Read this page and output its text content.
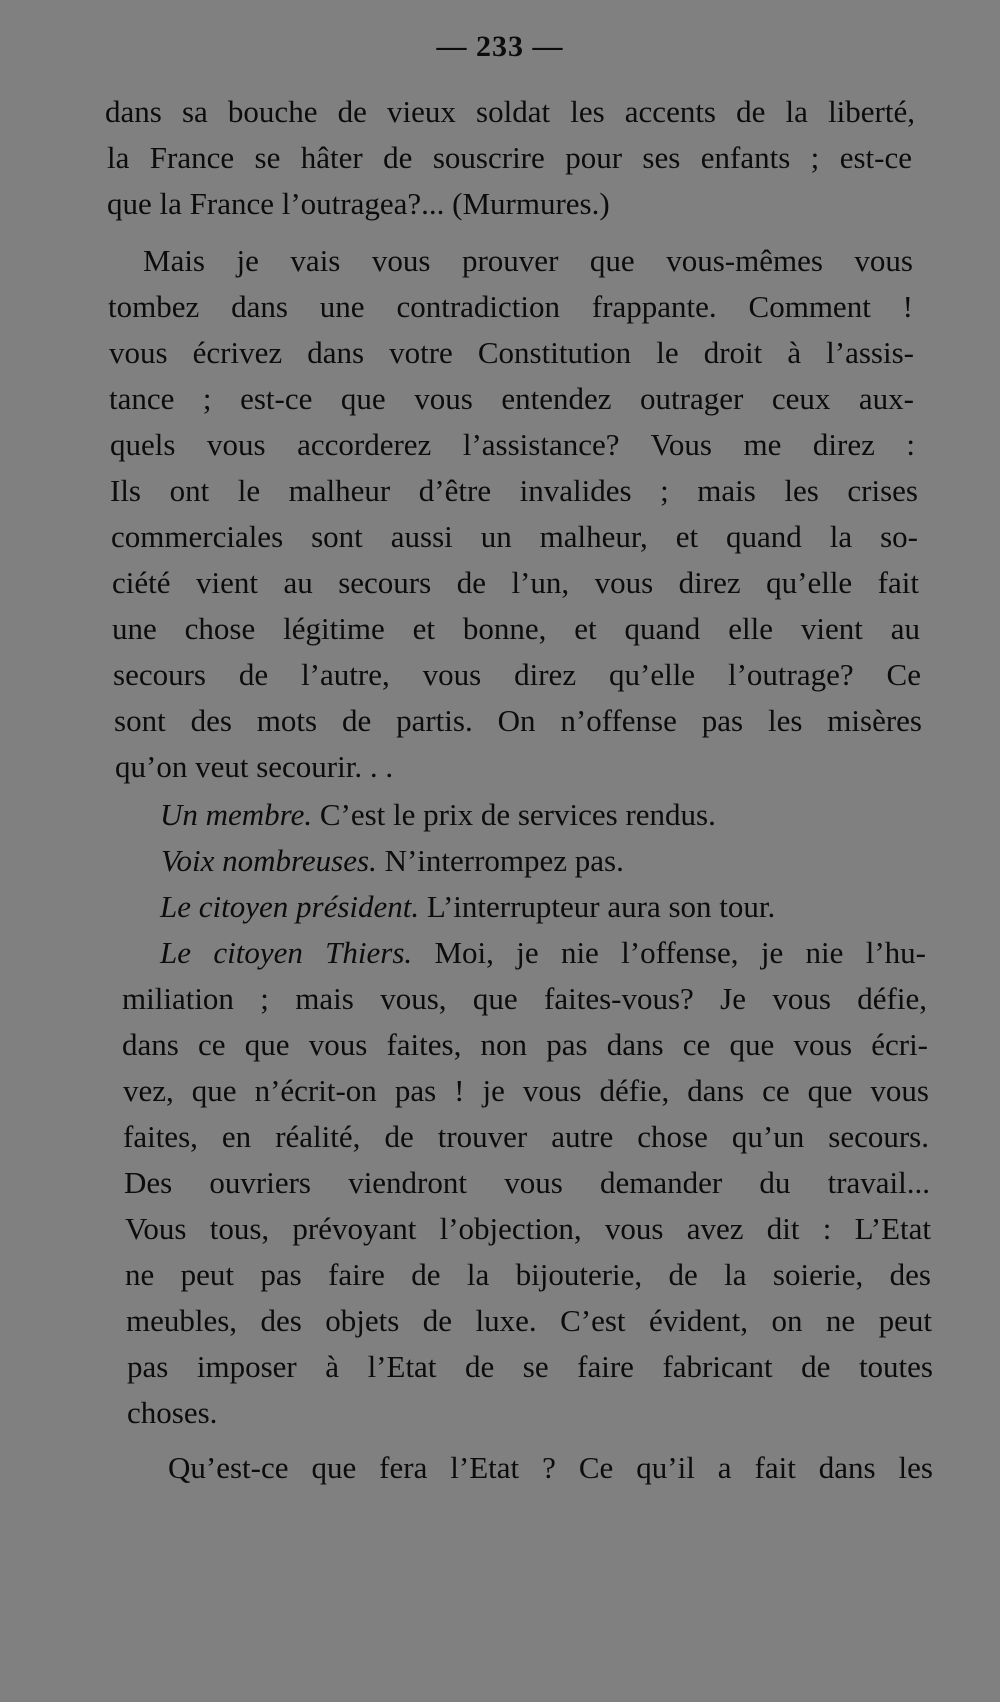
— 233 —
dans sa bouche de vieux soldat les accents de la liberté,
la France se hâter de souscrire pour ses enfants ; est-ce
que la France l’outragea?... (Murmures.)
Mais je vais vous prouver que vous-mêmes vous
tombez dans une contradiction frappante. Comment !
vous écrivez dans votre Constitution le droit à l’assis-
tance ; est-ce que vous entendez outrager ceux aux-
quels vous accorderez l’assistance? Vous me direz :
Ils ont le malheur d’être invalides ; mais les crises
commerciales sont aussi un malheur, et quand la so-
ciété vient au secours de l’un, vous direz qu’elle fait
une chose légitime et bonne, et quand elle vient au
secours de l’autre, vous direz qu’elle l’outrage? Ce
sont des mots de partis. On n’offense pas les misères
qu’on veut secourir. . .
Un membre. C’est le prix de services rendus.
Voix nombreuses. N’interrompez pas.
Le citoyen président. L’interrupteur aura son tour.
Le citoyen Thiers. Moi, je nie l’offense, je nie l’hu-
miliation ; mais vous, que faites-vous? Je vous défie,
dans ce que vous faites, non pas dans ce que vous écri-
vez, que n’écrit-on pas ! je vous défie, dans ce que vous
faites, en réalité, de trouver autre chose qu’un secours.
Des ouvriers viendront vous demander du travail...
Vous tous, prévoyant l’objection, vous avez dit : L’Etat
ne peut pas faire de la bijouterie, de la soierie, des
meubles, des objets de luxe. C’est évident, on ne peut
pas imposer à l’Etat de se faire fabricant de toutes
choses.
Qu’est-ce que fera l’Etat ? Ce qu’il a fait dans les
